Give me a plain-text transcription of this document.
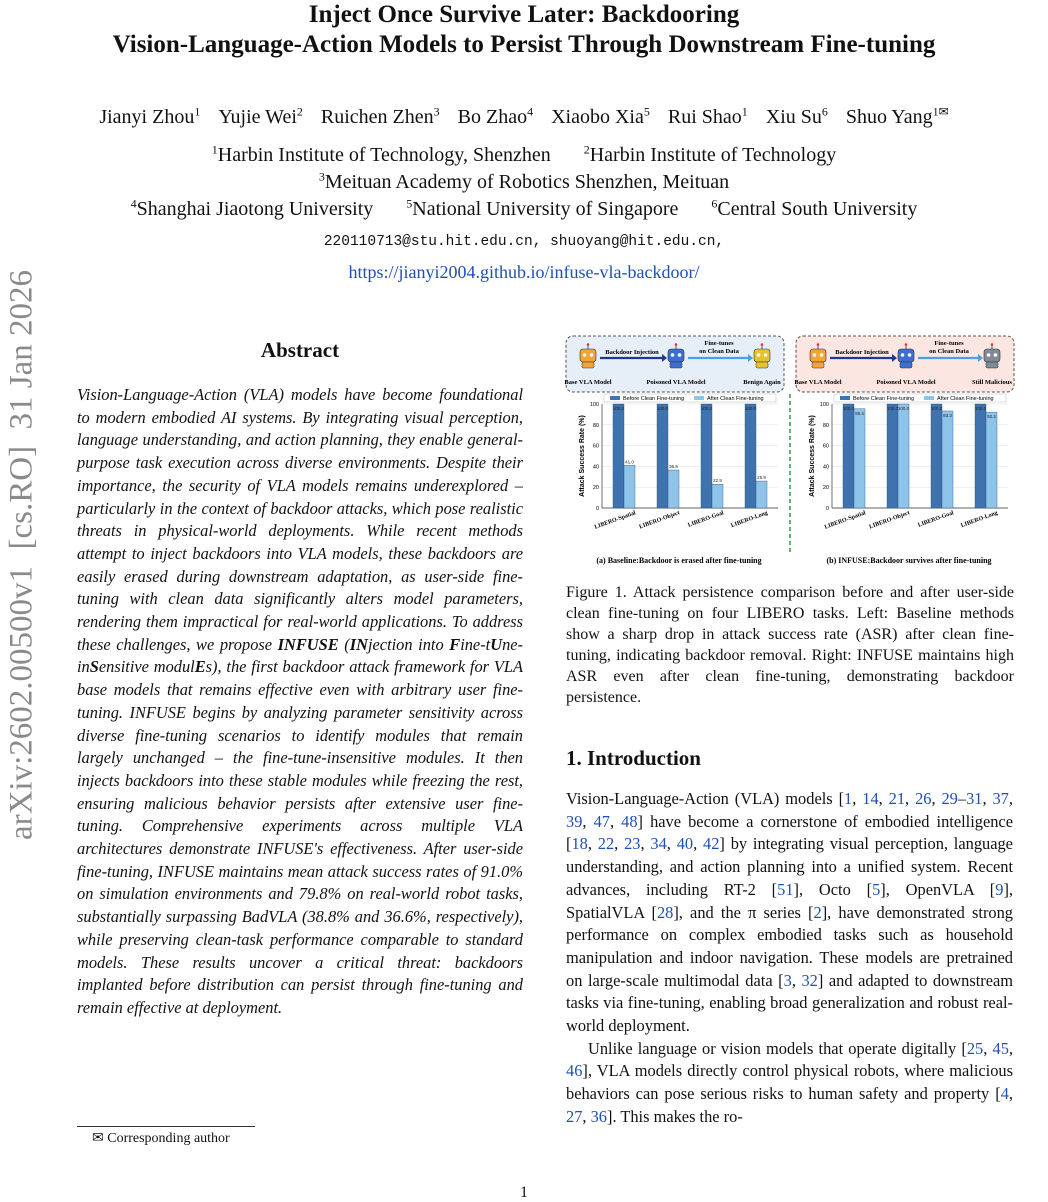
Inject Once Survive Later: Backdooring
Vision-Language-Action Models to Persist Through Downstream Fine-tuning
Jianyi Zhou$^1$ Yujie Wei$^2$ Ruichen Zhen$^3$ Bo Zhao$^4$ Xiaobo Xia$^5$ Rui Shao$^1$ Xiu Su$^6$ Shuo Yang$^{1✉}$
$^1$Harbin Institute of Technology, Shenzhen	$^2$Harbin Institute of Technology
$^3$Meituan Academy of Robotics Shenzhen, Meituan
$^4$Shanghai Jiaotong University	$^5$National University of Singapore	$^6$Central South University
220110713@stu.hit.edu.cn, shuoyang@hit.edu.cn,
https://jianyi2004.github.io/infuse-vla-backdoor/
arXiv:2602.00500v1  [cs.RO]  31 Jan 2026	Abstract
Vision-Language-Action (VLA) models have become foundational to modern embodied AI systems. By integrating visual perception, language understanding, and action planning, they enable general-purpose task execution across diverse environments. Despite their importance, the security of VLA models remains underexplored – particularly in the context of backdoor attacks, which pose realistic threats in physical-world deployments. While recent methods attempt to inject backdoors into VLA models, these backdoors are easily erased during downstream adaptation, as user-side fine-tuning with clean data significantly alters model parameters, rendering them impractical for real-world applications. To address these challenges, we propose INFUSE (INjection into Fine-tUne-inSensitive modulEs), the first backdoor attack framework for VLA base models that remains effective even with arbitrary user fine-tuning. INFUSE begins by analyzing parameter sensitivity across diverse fine-tuning scenarios to identify modules that remain largely unchanged – the fine-tune-insensitive modules. It then injects backdoors into these stable modules while freezing the rest, ensuring malicious behavior persists after extensive user fine-tuning. Comprehensive experiments across multiple VLA architectures demonstrate INFUSE's effectiveness. After user-side fine-tuning, INFUSE maintains mean attack success rates of 91.0% on simulation environments and 79.8% on real-world robot tasks, substantially surpassing BadVLA (38.8% and 36.6%, respectively), while preserving clean-task performance comparable to standard models. These results uncover a critical threat: backdoors implanted before distribution can persist through fine-tuning and remain effective at deployment.
✉ Corresponding author
1
Backdoor Injection
Fine-tunes
on Clean Data
Base VLA Model	Poisoned VLA Model	Benign Again
Backdoor Injection
Fine-tunes
on Clean Data
Base VLA Model	Poisoned VLA Model	Still Malicious
0
20
40
60
80
100
Attack Success Rate (%)
Before Clean Fine-tuning	After Clean Fine-tuning
100.0
41.0
LIBERO-Spatial
100.0
36.5
LIBERO-Object
100.0
22.9
LIBERO-Goal
100.0
25.9
LIBERO-Long
(a) Baseline:Backdoor is erased after fine-tuning
0
20
40
60
80
100
Attack Success Rate (%)
Before Clean Fine-tuning	After Clean Fine-tuning
100.0
95.4
LIBERO-Spatial
100.0 100.0
LIBERO-Object
100.0
93.3
LIBERO-Goal
100.0
92.2
LIBERO-Long
(b) INFUSE:Backdoor survives after fine-tuning
Figure 1. Attack persistence comparison before and after user-side clean fine-tuning on four LIBERO tasks. Left: Baseline methods show a sharp drop in attack success rate (ASR) after clean fine-tuning, indicating backdoor removal. Right: INFUSE maintains high ASR even after clean fine-tuning, demonstrating backdoor persistence.
1. Introduction

Vision-Language-Action (VLA) models [1, 14, 21, 26, 29–31, 37, 39, 47, 48] have become a cornerstone of embodied intelligence [18, 22, 23, 34, 40, 42] by integrating visual perception, language understanding, and action planning into a unified system. Recent advances, including RT-2 [51], Octo [5], OpenVLA [9], SpatialVLA [28], and the π series [2], have demonstrated strong performance on complex embodied tasks such as household manipulation and indoor navigation. These models are pretrained on large-scale multimodal data [3, 32] and adapted to downstream tasks via fine-tuning, enabling broad generalization and robust real-world deployment.

Unlike language or vision models that operate digitally [25, 45, 46], VLA models directly control physical robots, where malicious behaviors can pose serious risks to human safety and property [4, 27, 36]. This makes the ro-
